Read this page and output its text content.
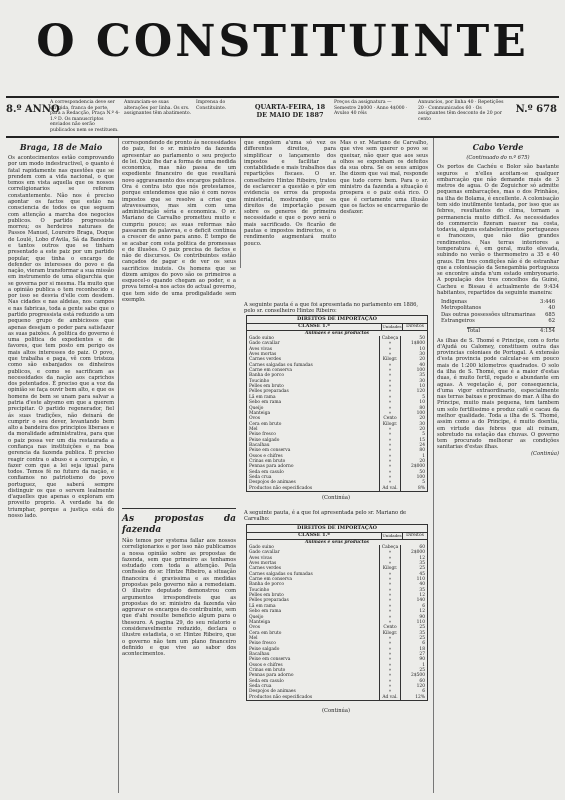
O CONSTITUINTE
8.º ANNO
A correspondencia deve ser dirigida, franca de porte, para a Redacção, Praça N.º 4-1.º D. Os manuscriptos enviados não serão publicados nem se restituem.
Annunciam-se suas alterações por linha. Os srs. assignantes têm abatimento.
Imprensa do Constituinte.	QUARTA-FEIRA, 18 DE MAIO DE 1887
Preços da assignatura — Semestre 2$000 · Anno 4$000 · Avulso 40 réis
Annuncios, por linha 40 · Repetições 20 · Communicados 60 · Os assignantes têm desconto de 20 por cento
N.º 678
Braga, 18 de Maio
Os acontecimentos estão comprovando por um modo indestructivel, o quanto é fatal rapidamente nas questões que se prendem com a vida nacional, o que temos em vista aquella que os nossos correligionarios se referem constantemente. Não nos é preciso apontar os factos que estão na consciencia de todos os que seguem com attenção a marcha dos negocios publicos. O partido progressista morreu; os herdeiros naturaes de Passos Manuel, Loureiro Braga, Duque de Loulé, Lobo d'Avila, Sá da Bandeira e tantos outros que se tinham presentado a este paiz por um partido popular, que tinha o encargo de defender os interesses do povo e da nação, vieram transformar a sua missão em instrumento de uma oligarchia que se governa por si mesma. Ha muito que a opinião publica o tem reconhecido e por isso se desvia d'elle com desdem. Nas cidades e nas aldeias, nos campos e nas fabricas, toda a gente sabe que o partido progressista está reduzido a um pequeno grupo de ambiciosos que apenas desejam o poder para satisfazer as suas paixões. A politica do governo é uma politica de expedientes e de favores, que tem posto em perigo os mais altos interesses do paiz. O povo, que trabalha e paga, vê com tristeza como são esbanjados os dinheiros publicos, e como se sacrificam as necessidades da nação aos caprichos dos potentados. É preciso que a voz da opinião se faça ouvir bem alto, e que os homens de bem se unam para salvar a patria d'este abysmo em que a querem precipitar. O partido regenerador, fiel ás suas tradições, não deixará de cumprir o seu dever, levantando bem alto a bandeira dos principios liberaes e da moralidade administrativa, para que o paiz possa ver um dia restaurada a confiança nas instituições e na boa gerencia da fazenda publica. É preciso reagir contra o abuso e a corrupção, e fazer com que a lei seja igual para todos. Temos fé no futuro da nação, e confiamos no patriotismo do povo portuguez, que saberá sempre distinguir os que o servem lealmente d'aquelles que apenas o exploram em proveito proprio. A verdade ha de triumphar, porque a justiça está do nosso lado.
correspondendo de pronto ás necessidades do paiz, foi o sr. ministro da fazenda apresentar ao parlamento o seu projecto de lei. Quiz lhe dar a forma de uma medida economica, mas não passa de um expediente financeiro de que resultará novo aggravamento dos encargos publicos. Ora é contra isto que nós protestamos, porque entendemos que não é com novos impostos que se resolve a crise que atravessamos, mas sim com uma administração séria e economica. O sr. Mariano de Carvalho prometteu muito e cumpriu pouco; as suas reformas não passaram de palavras, e o deficit continua a crescer de anno para anno. É tempo de se acabar com esta politica de promessas e de illusões. O paiz precisa de factos e não de discursos. Os contribuintes estão cançados de pagar e de ver os seus sacrificios inuteis. Os homens que se dizem amigos do povo são os primeiros a esquecel-o quando chegam ao poder, e a prova temol-a nos actos do actual governo, que tem sido de uma prodigalidade sem exemplo.
As propostas da fazenda
Não temos por systema fallar aos nossos correligionarios e por isso não publicamos a nossa opinião sobre as propostas de fazenda, sem que primeiro as tenhamos estudado com toda a attenção. Pela confissão do sr. Hintze Ribeiro, a situação financeira é gravissima e as medidas propostas pelo governo não a remedeiam. O illustre deputado demonstrou com argumentos irrespondiveis que as propostas do sr. ministro da fazenda vão aggravar os encargos do contribuinte, sem que d'ahi resulte beneficio algum para o thesouro. A pagina 29, do seu relatorio e consideravelmente reduzido, declara o illustre estadista, o sr. Hintze Ribeiro, que o governo não tem um plano financeiro definido e que vive ao sabor dos acontecimentos.
que engolem a'uma só vez os differentes direitos, para simplificar o lançamento dos impostos e facilitar a contabilidade e mais trabalhos das repartições fiscaes. O sr. conselheiro Hintze Ribeiro, tratou de esclarecer a questão e pôr em evidencia os erros da proposta ministerial, mostrando que os direitos de importação pesam sobre os generos de primeira necessidade e que o povo será o mais sacrificado. Os ficarão de pautas e impostos indirectos, e o rendimento augmentará muito pouco.
Mas o sr. Mariano de Carvalho, que vive sem querer o povo se queixar, não quer que aos seus olhos se exponham os defeitos da sua obra. Se os seus amigos lhe dizem que vai mal, responde que tudo corre bem. Para o sr. ministro da fazenda a situação é prospera e o paiz está rico. O que é certamente uma illusão que os factos se encarregarão de desfazer.
A seguinte pauta é a que foi apresentada no parlamento em 1886, pelo sr. conselheiro Hintze Ribeiro:
DIREITOS DE IMPORTAÇÃO
CLASSE 1.ª	Unidades	Direitos
Animaes e seus productos
Gado suino	Cabeça	50
Gado cavallar	»	1$800
Aves vivas	»	10
Aves mortas	»	30
Carnes verdes	Kilogr.	20
Carnes salgadas ou fumadas	»	40
Carne em conserva	»	100
Banha de porco	»	35
Toucinho	»	30
Pelles em bruto	»	10
Pelles preparadas	»	120
Lã em rama	»	5
Sebo em rama	»	10
Queijo	»	80
Manteiga	»	100
Ovos	Cento	20
Cera em bruto	Kilogr.	30
Mel	»	20
Peixe fresco	»	5
Peixe salgado	»	15
Bacalhau	»	24
Peixe em conserva	»	80
Ossos e chifres	»	1
Crinas em bruto	»	20
Pennas para adorno	»	2$000
Seda em casulo	»	50
Seda crua	»	100
Despojos de animaes	»	5
Productos não especificados	Ad val.	8%
(Continúa)
A seguinte pauta, é a que foi apresentada pelo sr. Mariano de Carvalho:
DIREITOS DE IMPORTAÇÃO
CLASSE 1.ª	Unidades	Direitos
Animaes e seus productos
Gado suino	Cabeça	60
Gado cavallar	»	2$000
Aves vivas	»	12
Aves mortas	»	35
Carnes verdes	Kilogr.	25
Carnes salgadas ou fumadas	»	45
Carne em conserva	»	110
Banha de porco	»	40
Toucinho	»	35
Pelles em bruto	»	12
Pelles preparadas	»	140
Lã em rama	»	6
Sebo em rama	»	12
Queijo	»	90
Manteiga	»	110
Ovos	Cento	25
Cera em bruto	Kilogr.	35
Mel	»	25
Peixe fresco	»	6
Peixe salgado	»	18
Bacalhau	»	27
Peixe em conserva	»	90
Ossos e chifres	»	1
Crinas em bruto	»	25
Pennas para adorno	»	2$500
Seda em casulo	»	60
Seda crua	»	120
Despojos de animaes	»	6
Productos não especificados	Ad val.	12%
(Continúa)
Cabo Verde
(Continuado do n.º 675)
Os portos de Cachéu e Bolor são bastante seguros e n'elles acoitam-se qualquer embarcação que não demande mais de 3 metros de agua. O de Zeguichor só admitte pequenas embarcações, mas o dos Prinhãos, na ilha de Bolama, é excellente. A colonisação tem sido inutilmente tentada, por isso que as febres, resultantes do clima, tornam a permanencia muito difficil. As necessidades do commercio fizeram nascer na costa, todavia, alguns estabelecimentos portuguezes e francezes, que não dão grandes rendimentos. Nas terras interiores a temperatura é, em geral, muito elevada, subindo no verão o thermometro a 35 e 40 graus. Em tres condições não é de estranhar que a colonisação da Senegambia portugueza se encontre ainda n'um estado embryonario. A população dos tres concelhos da Guiné, Cacheu e Bissau é actualmente de 9:434 habitantes, repartidos da seguinte maneira:
Indigenas	3:446
Metropolitanos	40
Das outras possessões ultramarinas 685
Estrangeiros	62
Total	4:154
As ilhas de S. Thomé e Principe, com o forte d'Ajudá ou Calomey, constituem outra das provincias coloniaes de Portugal. A extensão d'esta provincia pode calcular-se em pouco mais de 1:200 kilometros quadrados. O solo da ilha de S. Thomé, que é a maior d'estas duas, é muito fertil, regado e abundante em aguas. A vegetação é, por consequencia, d'uma vigor extraordinario, especialmente nas terras baixas e proximas do mar. A ilha do Principe, muito mais pequena, tem tambem um solo fertilissimo e produz café e cacau da melhor qualidade. Toda a ilha de S. Thomé, assim como a do Principe, é muito doentia, em virtude das febres que ali reinam, sobretudo na estação das chuvas. O governo tem procurado melhorar as condições sanitarias d'estas ilhas.
(Continúa)
